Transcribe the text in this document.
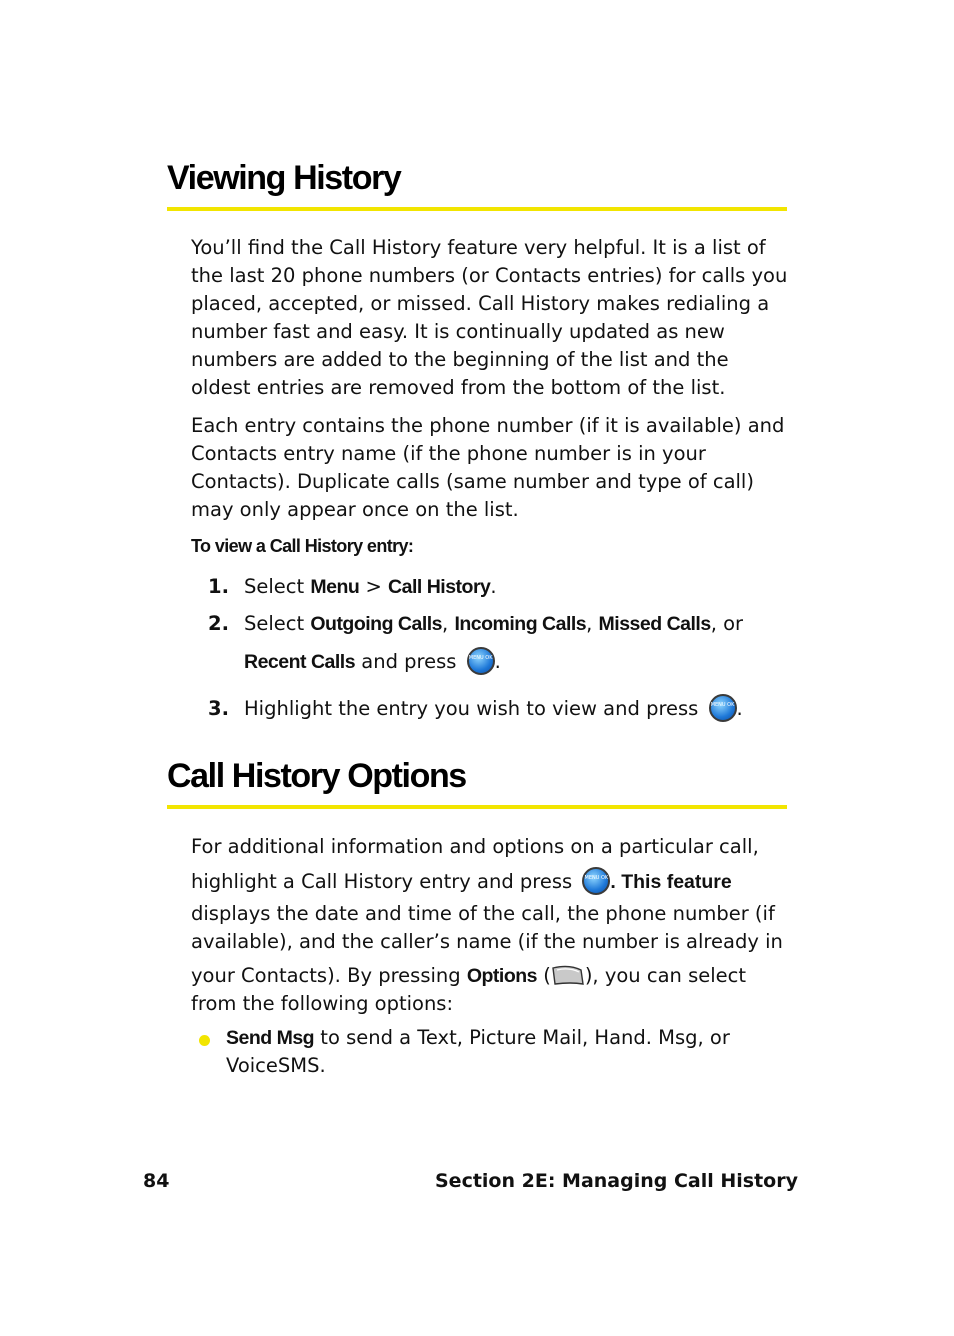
Viewing History

You’ll find the Call History feature very helpful. It is a list of the last 20 phone numbers (or Contacts entries) for calls you placed, accepted, or missed. Call History makes redialing a number fast and easy. It is continually updated as new numbers are added to the beginning of the list and the oldest entries are removed from the bottom of the list.

Each entry contains the phone number (if it is available) and Contacts entry name (if the phone number is in your Contacts). Duplicate calls (same number and type of call) may only appear once on the list.

To view a Call History entry:

1. Select Menu > Call History.
2. Select Outgoing Calls, Incoming Calls, Missed Calls, or
Recent Calls and press MENU OK .
3. Highlight the entry you wish to view and press MENU OK .
Call History Options

For additional information and options on a particular call,

highlight a Call History entry and press MENU OK . This feature

displays the date and time of the call, the phone number (if available), and the caller’s name (if the number is already in

your Contacts). By pressing Options ( ), you can select from the following options:

Send Msg to send a Text, Picture Mail, Hand. Msg, or VoiceSMS.

84	Section 2E: Managing Call History
